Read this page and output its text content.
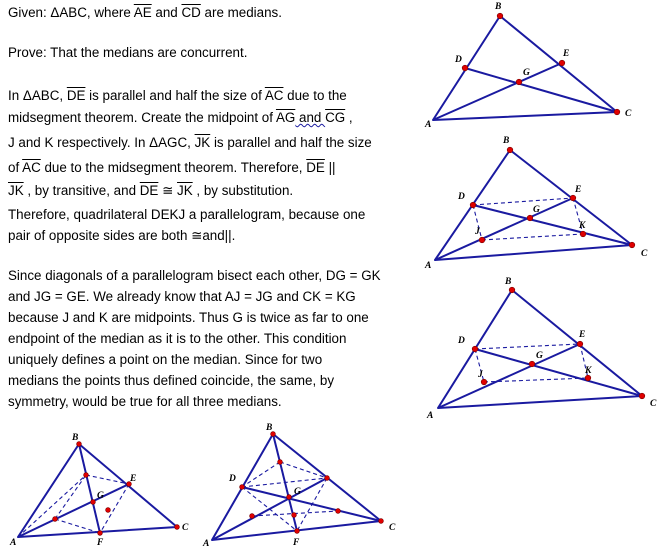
Given: ΔABC, where $\overline{AE}$ and $\overline{CD}$ are medians.
Prove: That the medians are concurrent.
In ΔABC, $\overline{DE}$ is parallel and half the size of $\overline{AC}$ due to the
midsegment theorem. Create the midpoint of $\overline{AG}$ and $\overline{CG}$ ,
J and K respectively. In ΔAGC, $\overline{JK}$ is parallel and half the size
of $\overline{AC}$ due to the midsegment theorem. Therefore, $\overline{DE}$ ||
$\overline{JK}$ , by transitive, and $\overline{DE}$ ≅ $\overline{JK}$ , by substitution.
Therefore, quadrilateral DEKJ a parallelogram, because one
pair of opposite sides are both ≅and||.
Since diagonals of a parallelogram bisect each other, DG = GK
and JG = GE. We already know that AJ = JG and CK = KG
because J and K are midpoints. Thus G is twice as far to one
endpoint of the median as it is to the other. This condition
uniquely defines a point on the median. Since for two
medians the points thus defined coincide, the same, by
symmetry, would be true for all three medians.
B
D
E
G
A
C
B
D
E
G
J
K
A
C
B
D
E
G
J	K
A
C
B
E
G
F
A
C
B
D
G
F
A
C
